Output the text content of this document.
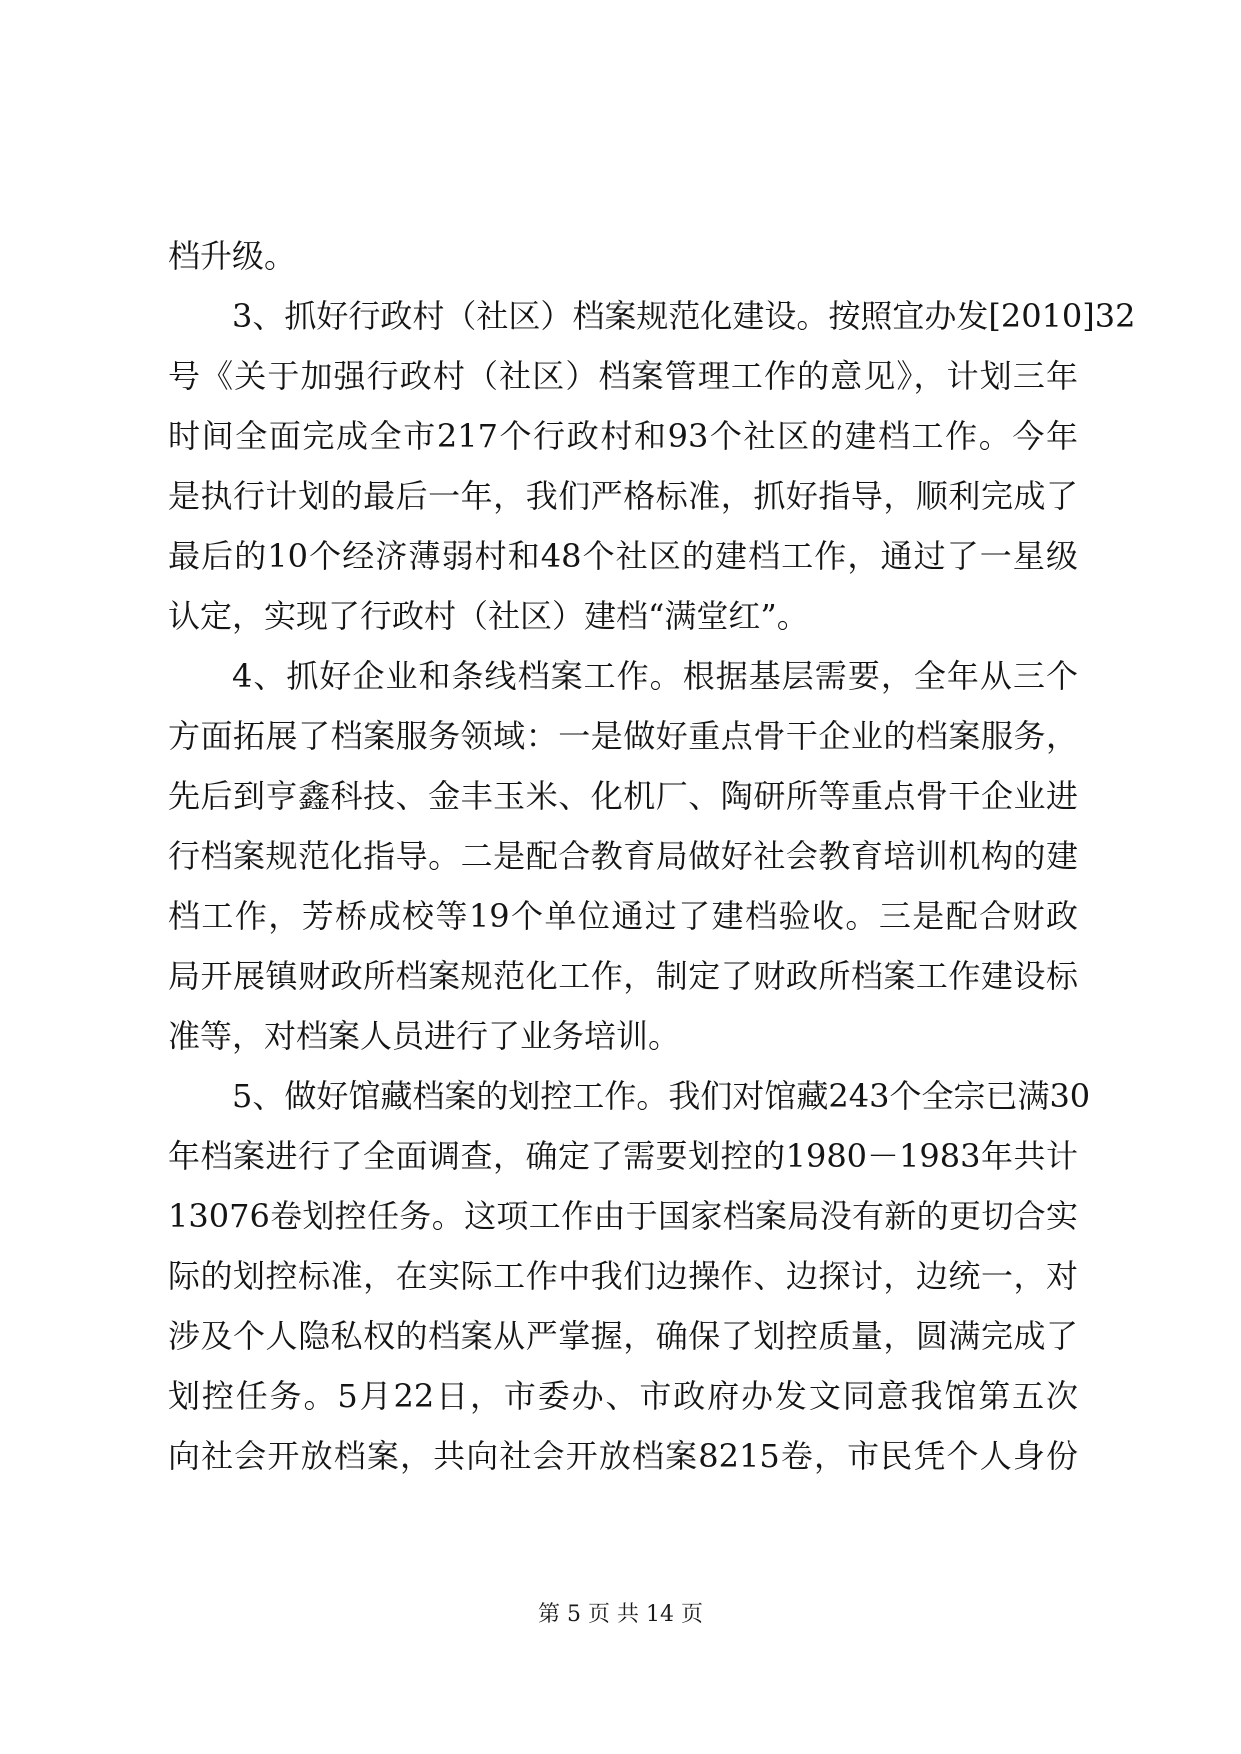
档升级。
3、抓好行政村（社区）档案规范化建设。按照宜办发[2010]32
号《关于加强行政村（社区）档案管理工作的意见》，计划三年
时间全面完成全市217个行政村和93个社区的建档工作。今年
是执行计划的最后一年，我们严格标准，抓好指导，顺利完成了
最后的10个经济薄弱村和48个社区的建档工作，通过了一星级
认定，实现了行政村（社区）建档“满堂红”。
4、抓好企业和条线档案工作。根据基层需要，全年从三个
方面拓展了档案服务领域：一是做好重点骨干企业的档案服务，
先后到亨鑫科技、金丰玉米、化机厂、陶研所等重点骨干企业进
行档案规范化指导。二是配合教育局做好社会教育培训机构的建
档工作，芳桥成校等19个单位通过了建档验收。三是配合财政
局开展镇财政所档案规范化工作，制定了财政所档案工作建设标
准等，对档案人员进行了业务培训。
5、做好馆藏档案的划控工作。我们对馆藏243个全宗已满30
年档案进行了全面调查，确定了需要划控的1980－1983年共计
13076卷划控任务。这项工作由于国家档案局没有新的更切合实
际的划控标准，在实际工作中我们边操作、边探讨，边统一，对
涉及个人隐私权的档案从严掌握，确保了划控质量，圆满完成了
划控任务。5月22日，市委办、市政府办发文同意我馆第五次
向社会开放档案，共向社会开放档案8215卷，市民凭个人身份
第 5 页 共 14 页
